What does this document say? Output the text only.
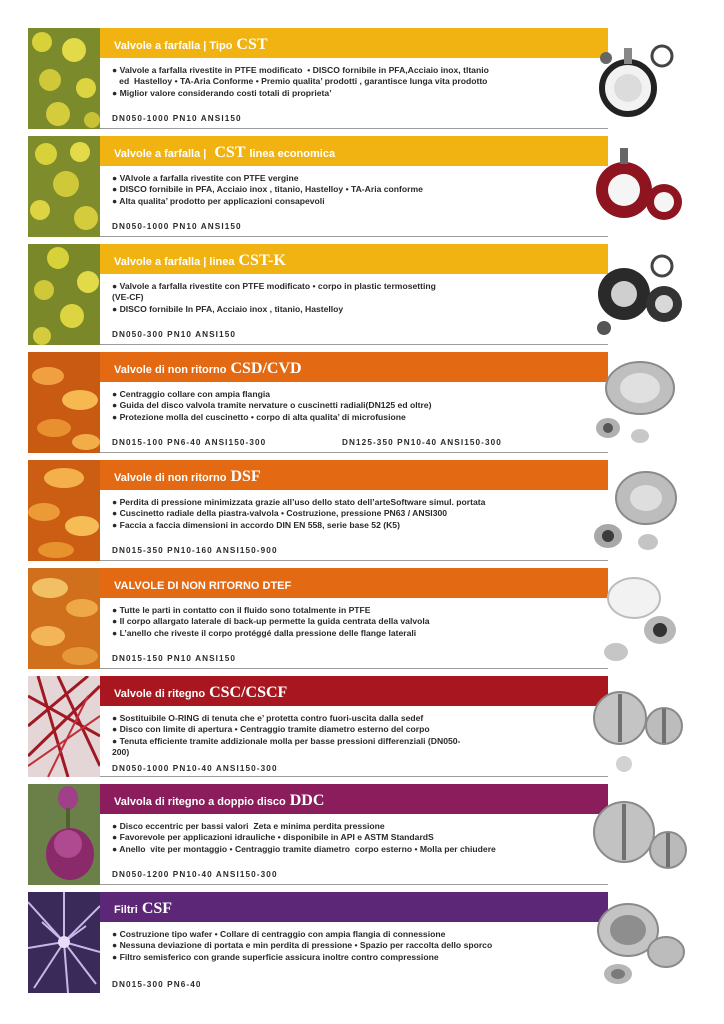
Valvole a farfalla | Tipo CST
● Valvole a farfalla rivestite in PTFE modificato  • DISCO fornibile in PFA,Acciaio inox, tltanio
ed  Hastelloy • TA-Aria Conforme • Premio qualita’ prodotti , garantisce lunga vita prodotto
● Miglior valore considerando costi totali di proprieta’
DN050-1000 PN10 ANSI150
Valvole a farfalla | CST linea economica
● VAlvole a farfalla rivestite con PTFE vergine
● DISCO fornibile in PFA, Acciaio inox , titanio, Hastelloy • TA-Aria conforme
● Alta qualita’ prodotto per applicazioni consapevoli
DN050-1000 PN10 ANSI150
Valvole a farfalla | linea CST-K
● Valvole a farfalla rivestite con PTFE modificato • corpo in plastic termosetting
(VE-CF)
● DISCO fornibile In PFA, Acciaio inox , titanio, Hastelloy
DN050-300 PN10 ANSI150
Valvole di non ritorno CSD/CVD
● Centraggio collare con ampia flangia
● Guida del disco valvola tramite nervature o cuscinetti radiali(DN125 ed oltre)
● Protezione molla del cuscinetto • corpo di alta qualita’ di microfusione
DN015-100 PN6-40 ANSI150-300	DN125-350 PN10-40 ANSI150-300
Valvole di non ritorno DSF
● Perdita di pressione minimizzata grazie all’uso dello stato dell’arteSoftware simul. portata
● Cuscinetto radiale della piastra-valvola • Costruzione, pressione PN63 / ANSI300
● Faccia a faccia dimensioni in accordo DIN EN 558, serie base 52 (K5)
DN015-350 PN10-160 ANSI150-900
VALVOLE DI NON RITORNO DTEF
● Tutte le parti in contatto con il fluido sono totalmente in PTFE
● Il corpo allargato laterale di back-up permette la guida centrata della valvola
● L’anello che riveste il corpo protéggé dalla pressione delle flange laterali
DN015-150 PN10 ANSI150
Valvole di ritegno CSC/CSCF
● Sostituibile O-RING di tenuta che e’ protetta contro fuori-uscita dalla sedef
● Disco con limite di apertura • Centraggio tramite diametro esterno del corpo
● Tenuta efficiente tramite addizionale molla per basse pressioni differenziali (DN050-
200)
DN050-1000 PN10-40 ANSI150-300
Valvola di ritegno a doppio disco DDC
● Disco eccentric per bassi valori  Zeta e minima perdita pressione
● Favorevole per applicazioni idrauliche • disponibile in API e ASTM StandardS
● Anello  vite per montaggio • Centraggio tramite diametro  corpo esterno • Molla per chiudere
DN050-1200 PN10-40 ANSI150-300
Filtri CSF
● Costruzione tipo wafer • Collare di centraggio con ampia flangia di connessione
● Nessuna deviazione di portata e min perdita di pressione • Spazio per raccolta dello sporco
● Filtro semisferico con grande superficie assicura inoltre contro compressione
DN015-300 PN6-40
